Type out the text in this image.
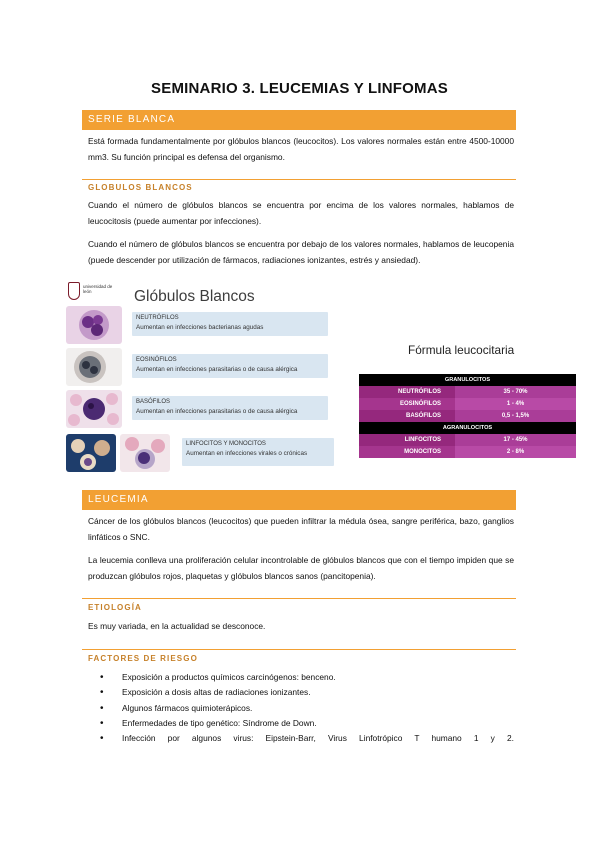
SEMINARIO 3. LEUCEMIAS Y LINFOMAS
SERIE BLANCA
Está formada fundamentalmente por glóbulos blancos (leucocitos). Los valores normales están entre 4500-10000 mm3. Su función principal es defensa del organismo.
GLOBULOS BLANCOS
Cuando el número de glóbulos blancos se encuentra por encima de los valores normales, hablamos de leucocitosis (puede aumentar por infecciones).
Cuando el número de glóbulos blancos se encuentra por debajo de los valores normales, hablamos de leucopenia (puede descender por utilización de fármacos, radiaciones ionizantes, estrés y ansiedad).
universidad de león	Glóbulos Blancos
NEUTRÓFILOS
Aumentan en infecciones bacterianas agudas
EOSINÓFILOS
Aumentan en infecciones parasitarias o de causa alérgica
BASÓFILOS
Aumentan en infecciones parasitarias o de causa alérgica
LINFOCITOS Y MONOCITOS
Aumentan en infecciones virales o crónicas
Fórmula leucocitaria
GRANULOCITOS
NEUTRÓFILOS	35 - 70%
EOSINÓFILOS	1 - 4%
BASÓFILOS	0,5 - 1,5%
AGRANULOCITOS
LINFOCITOS	17 - 45%
MONOCITOS	2 - 8%
LEUCEMIA
Cáncer de los glóbulos blancos (leucocitos) que pueden infiltrar la médula ósea, sangre periférica, bazo, ganglios linfáticos o SNC.
La leucemia conlleva una proliferación celular incontrolable de glóbulos blancos que con el tiempo impiden que se produzcan glóbulos rojos, plaquetas y glóbulos blancos sanos (pancitopenia).
ETIOLOGÍA
Es muy variada, en la actualidad se desconoce.
FACTORES DE RIESGO
• Exposición a productos químicos carcinógenos: benceno.
• Exposición a dosis altas de radiaciones ionizantes.
• Algunos fármacos quimioterápicos.
• Enfermedades de tipo genético: Síndrome de Down.
• Infección por algunos virus: Eipstein-Barr, Virus Linfotrópico T humano 1 y 2.
